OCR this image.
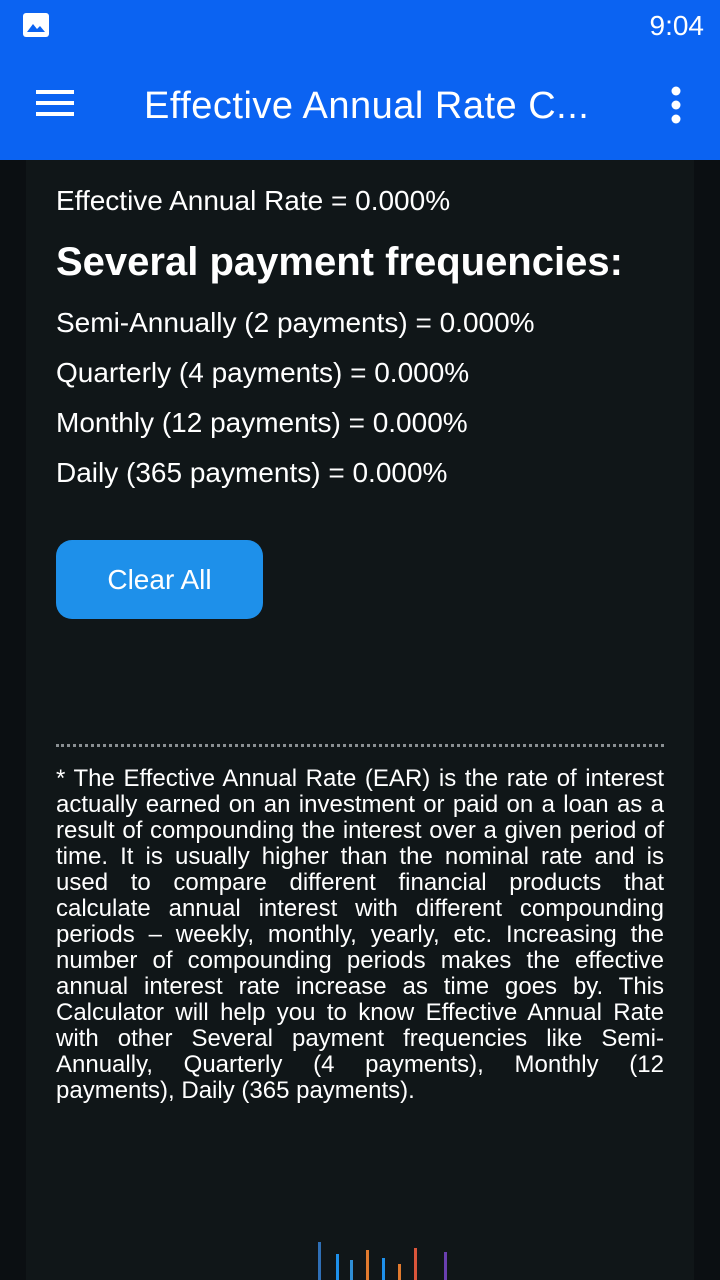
9:04
Effective Annual Rate C...
Effective Annual Rate = 0.000%
Several payment frequencies:
Semi-Annually (2 payments) = 0.000%
Quarterly (4 payments) = 0.000%
Monthly (12 payments) = 0.000%
Daily (365 payments) = 0.000%
Clear All
* The Effective Annual Rate (EAR) is the rate of interest actually earned on an investment or paid on a loan as a result of compounding the interest over a given period of time. It is usually higher than the nominal rate and is used to compare different financial products that calculate annual interest with different compounding periods – weekly, monthly, yearly, etc. Increasing the number of compounding periods makes the effective annual interest rate increase as time goes by. This Calculator will help you to know Effective Annual Rate with other Several payment frequencies like Semi-Annually, Quarterly (4 payments), Monthly (12 payments), Daily (365 payments).
